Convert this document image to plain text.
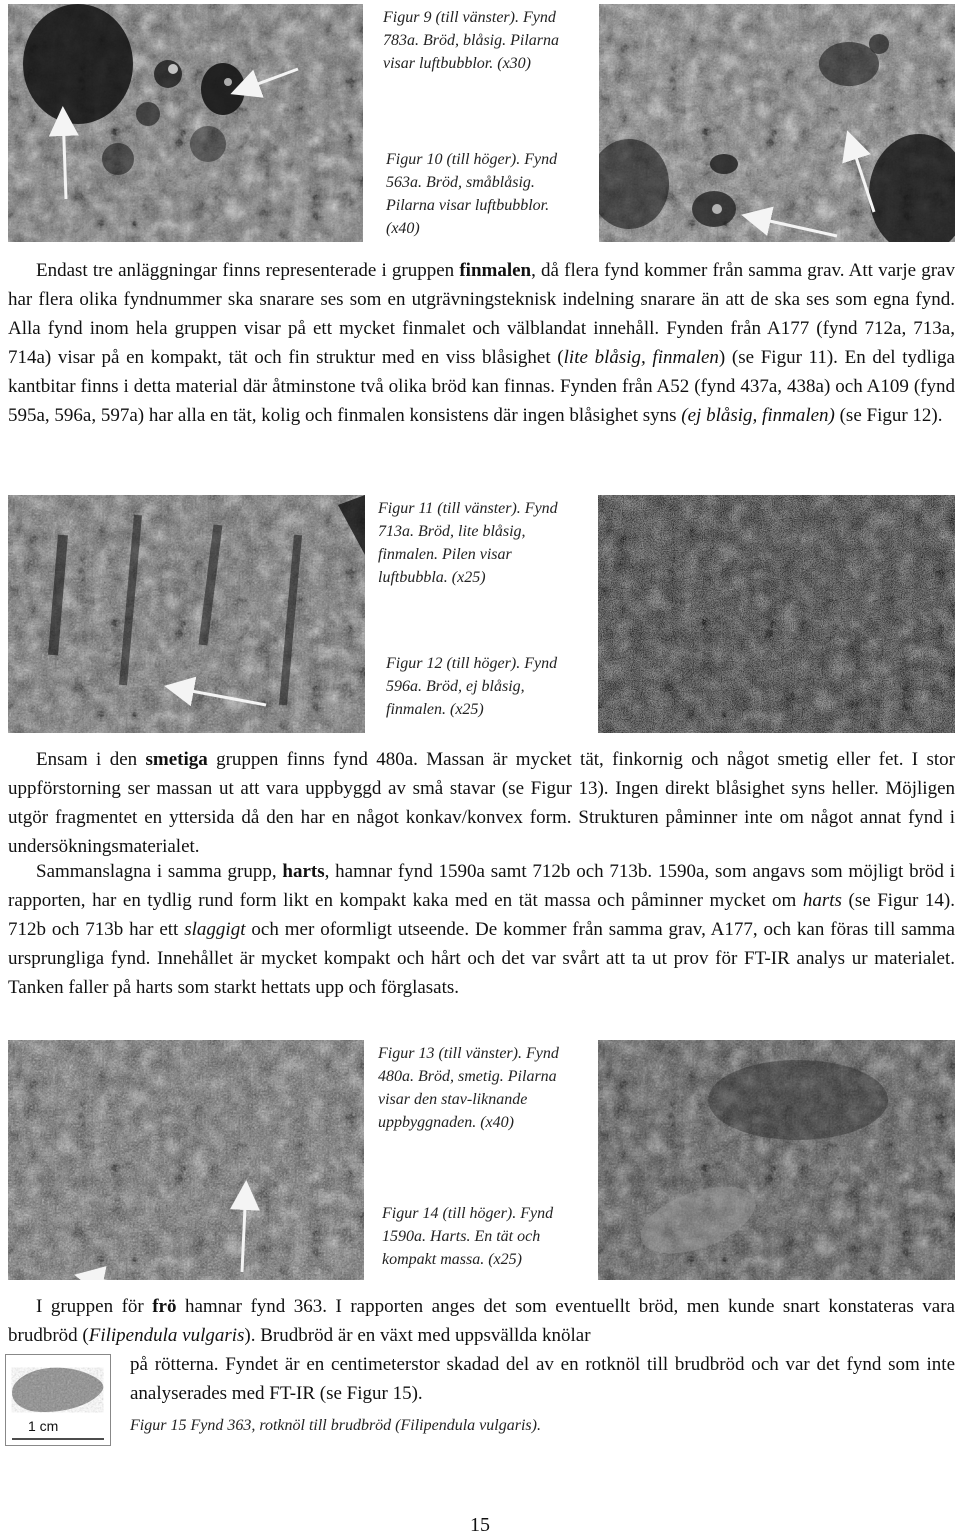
Figur 9 (till vänster). Fynd 783a. Bröd, blåsig. Pilarna visar luftbubblor. (x30)
Figur 10 (till höger). Fynd 563a. Bröd, småblåsig. Pilarna visar luftbubblor. (x40)

Endast tre anläggningar finns representerade i gruppen finmalen, då flera fynd kommer från samma grav. Att varje grav har flera olika fyndnummer ska snarare ses som en utgrävningsteknisk indelning snarare än att de ska ses som egna fynd. Alla fynd inom hela gruppen visar på ett mycket finmalet och välblandat innehåll. Fynden från A177 (fynd 712a, 713a, 714a) visar på en kompakt, tät och fin struktur med en viss blåsighet (lite blåsig, finmalen) (se Figur 11). En del tydliga kantbitar finns i detta material där åtminstone två olika bröd kan finnas. Fynden från A52 (fynd 437a, 438a) och A109 (fynd 595a, 596a, 597a) har alla en tät, kolig och finmalen konsistens där ingen blåsighet syns (ej blåsig, finmalen) (se Figur 12).

Figur 11 (till vänster). Fynd 713a. Bröd, lite blåsig, finmalen. Pilen visar luftbubbla. (x25)
Figur 12 (till höger). Fynd 596a. Bröd, ej blåsig, finmalen. (x25)

Ensam i den smetiga gruppen finns fynd 480a. Massan är mycket tät, finkornig och något smetig eller fet. I stor uppförstorning ser massan ut att vara uppbyggd av små stavar (se Figur 13). Ingen direkt blåsighet syns heller. Möjligen utgör fragmentet en yttersida då den har en något konkav/konvex form. Strukturen påminner inte om något annat fynd i undersökningsmaterialet.

Sammanslagna i samma grupp, harts, hamnar fynd 1590a samt 712b och 713b. 1590a, som angavs som möjligt bröd i rapporten, har en tydlig rund form likt en kompakt kaka med en tät massa och påminner mycket om harts (se Figur 14). 712b och 713b har ett slaggigt och mer oformligt utseende. De kommer från samma grav, A177, och kan föras till samma ursprungliga fynd. Innehållet är mycket kompakt och hårt och det var svårt att ta ut prov för FT-IR analys ur materialet. Tanken faller på harts som starkt hettats upp och förglasats.

Figur 13 (till vänster). Fynd 480a. Bröd, smetig. Pilarna visar den stav-liknande uppbyggnaden. (x40)
Figur 14 (till höger). Fynd 1590a. Harts. En tät och kompakt massa. (x25)

I gruppen för frö hamnar fynd 363. I rapporten anges det som eventuellt bröd, men kunde snart konstateras vara brudbröd (Filipendula vulgaris). Brudbröd är en växt med uppsvällda knölar

på rötterna. Fyndet är en centimeterstor skadad del av en rotknöl till brudbröd och var det fynd som inte analyserades med FT-IR (se Figur 15).

1 cm	Figur 15 Fynd 363, rotknöl till brudbröd (Filipendula vulgaris).
15
